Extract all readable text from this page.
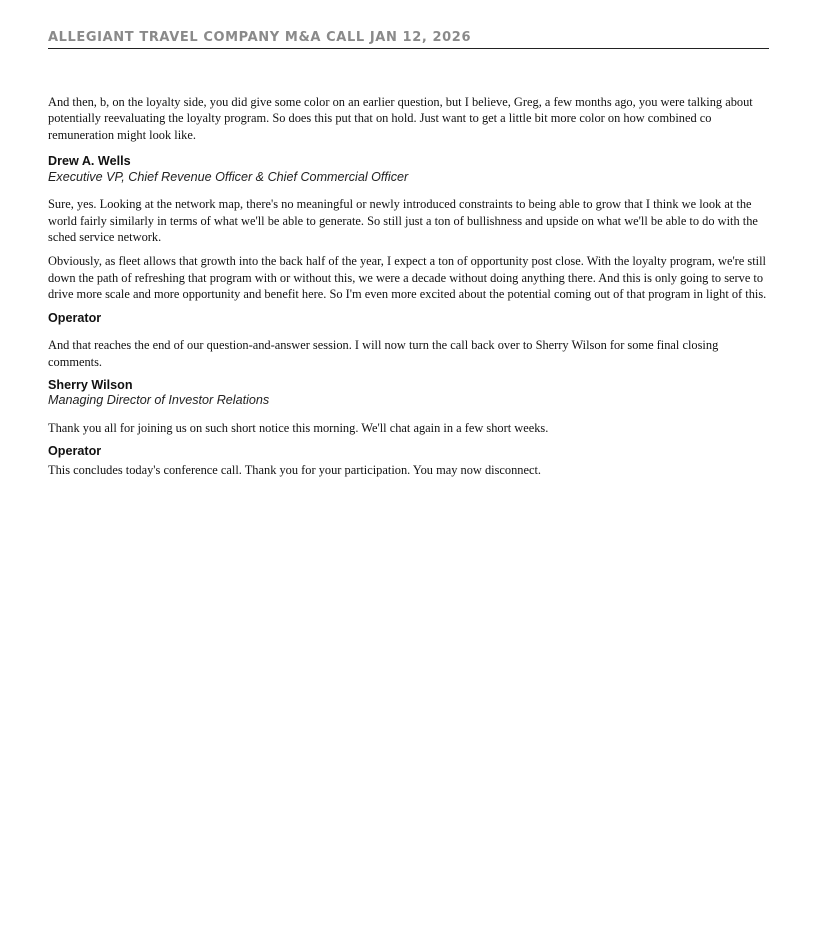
ALLEGIANT TRAVEL COMPANY M&A CALL JAN 12, 2026

And then, b, on the loyalty side, you did give some color on an earlier question, but I believe, Greg, a few months ago, you were talking about potentially reevaluating the loyalty program. So does this put that on hold. Just want to get a little bit more color on how combined co remuneration might look like.

Drew A. Wells
Executive VP, Chief Revenue Officer & Chief Commercial Officer

Sure, yes. Looking at the network map, there's no meaningful or newly introduced constraints to being able to grow that I think we look at the world fairly similarly in terms of what we'll be able to generate. So still just a ton of bullishness and upside on what we'll be able to do with the sched service network.

Obviously, as fleet allows that growth into the back half of the year, I expect a ton of opportunity post close. With the loyalty program, we're still down the path of refreshing that program with or without this, we were a decade without doing anything there. And this is only going to serve to drive more scale and more opportunity and benefit here. So I'm even more excited about the potential coming out of that program in light of this.

Operator

And that reaches the end of our question-and-answer session. I will now turn the call back over to Sherry Wilson for some final closing comments.

Sherry Wilson
Managing Director of Investor Relations

Thank you all for joining us on such short notice this morning. We'll chat again in a few short weeks.

Operator

This concludes today's conference call. Thank you for your participation. You may now disconnect.
